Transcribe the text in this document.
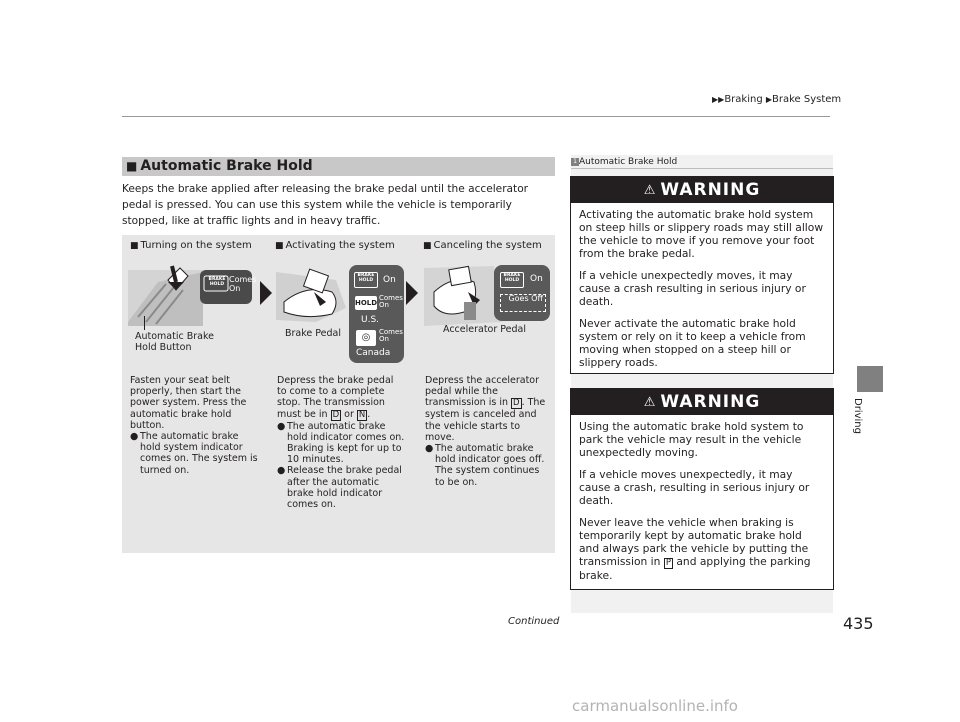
▶▶Braking ▶Brake System
Driving
■ Automatic Brake Hold
Keeps the brake applied after releasing the brake pedal until the accelerator pedal is pressed. You can use this system while the vehicle is temporarily stopped, like at traffic lights and in heavy traffic.
■ Turning on the system	■ Activating the system	■ Canceling the system
BRAKE HOLD
Comes On
Automatic Brake Hold Button
BRAKE HOLD	On
HOLD
Comes On
U.S.
◎	Comes On
Canada
Brake Pedal
BRAKE HOLD	On
Goes Off
Accelerator Pedal
Fasten your seat belt properly, then start the power system. Press the automatic brake hold button.
● The automatic brake hold system indicator comes on. The system is turned on.
Depress the brake pedal to come to a complete stop. The transmission must be in D or N .
● The automatic brake hold indicator comes on. Braking is kept for up to 10 minutes.
● Release the brake pedal after the automatic brake hold indicator comes on.
Depress the accelerator pedal while the transmission is in D . The system is canceled and the vehicle starts to move.
● The automatic brake hold indicator goes off. The system continues to be on.
1 Automatic Brake Hold
⚠ WARNING

Activating the automatic brake hold system on steep hills or slippery roads may still allow the vehicle to move if you remove your foot from the brake pedal.

If a vehicle unexpectedly moves, it may cause a crash resulting in serious injury or death.

Never activate the automatic brake hold system or rely on it to keep a vehicle from moving when stopped on a steep hill or slippery roads.

⚠ WARNING

Using the automatic brake hold system to park the vehicle may result in the vehicle unexpectedly moving.

If a vehicle moves unexpectedly, it may cause a crash, resulting in serious injury or death.

Never leave the vehicle when braking is temporarily kept by automatic brake hold and always park the vehicle by putting the transmission in P and applying the parking brake.

Continued	435
carmanualsonline.info
